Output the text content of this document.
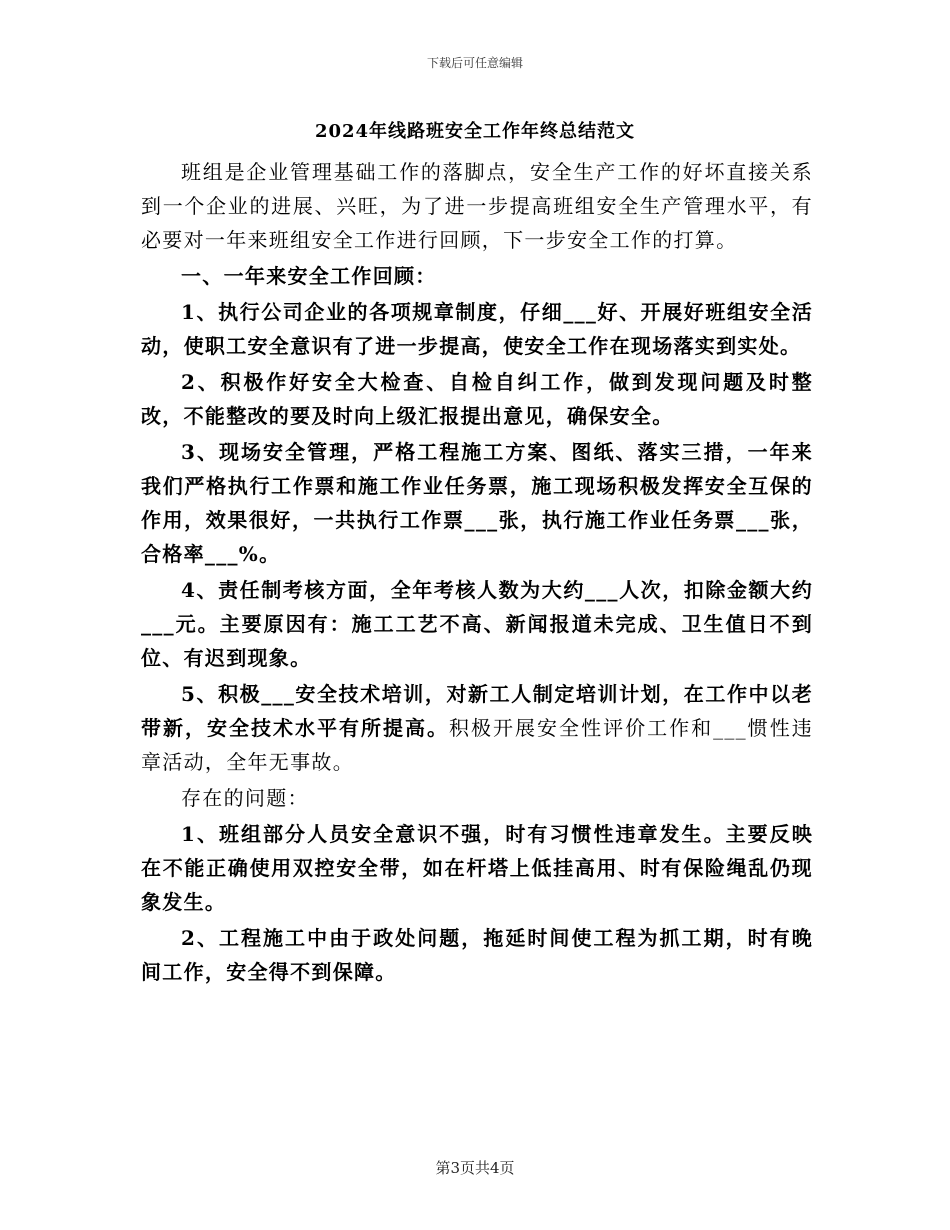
下载后可任意编辑
2024年线路班安全工作年终总结范文

班组是企业管理基础工作的落脚点，安全生产工作的好坏直接关系到一个企业的进展、兴旺，为了进一步提高班组安全生产管理水平，有必要对一年来班组安全工作进行回顾，下一步安全工作的打算。

一、一年来安全工作回顾：

1、执行公司企业的各项规章制度，仔细___好、开展好班组安全活动，使职工安全意识有了进一步提高，使安全工作在现场落实到实处。

2、积极作好安全大检查、自检自纠工作，做到发现问题及时整改，不能整改的要及时向上级汇报提出意见，确保安全。

3、现场安全管理，严格工程施工方案、图纸、落实三措，一年来我们严格执行工作票和施工作业任务票，施工现场积极发挥安全互保的作用，效果很好，一共执行工作票___张，执行施工作业任务票___张，合格率___%。

4、责任制考核方面，全年考核人数为大约___人次，扣除金额大约___元。主要原因有：施工工艺不高、新闻报道未完成、卫生值日不到位、有迟到现象。

5、积极___安全技术培训，对新工人制定培训计划，在工作中以老带新，安全技术水平有所提高。积极开展安全性评价工作和___惯性违章活动，全年无事故。

存在的问题：

1、班组部分人员安全意识不强，时有习惯性违章发生。主要反映在不能正确使用双控安全带，如在杆塔上低挂高用、时有保险绳乱仍现象发生。

2、工程施工中由于政处问题，拖延时间使工程为抓工期，时有晚间工作，安全得不到保障。

第3页共4页
